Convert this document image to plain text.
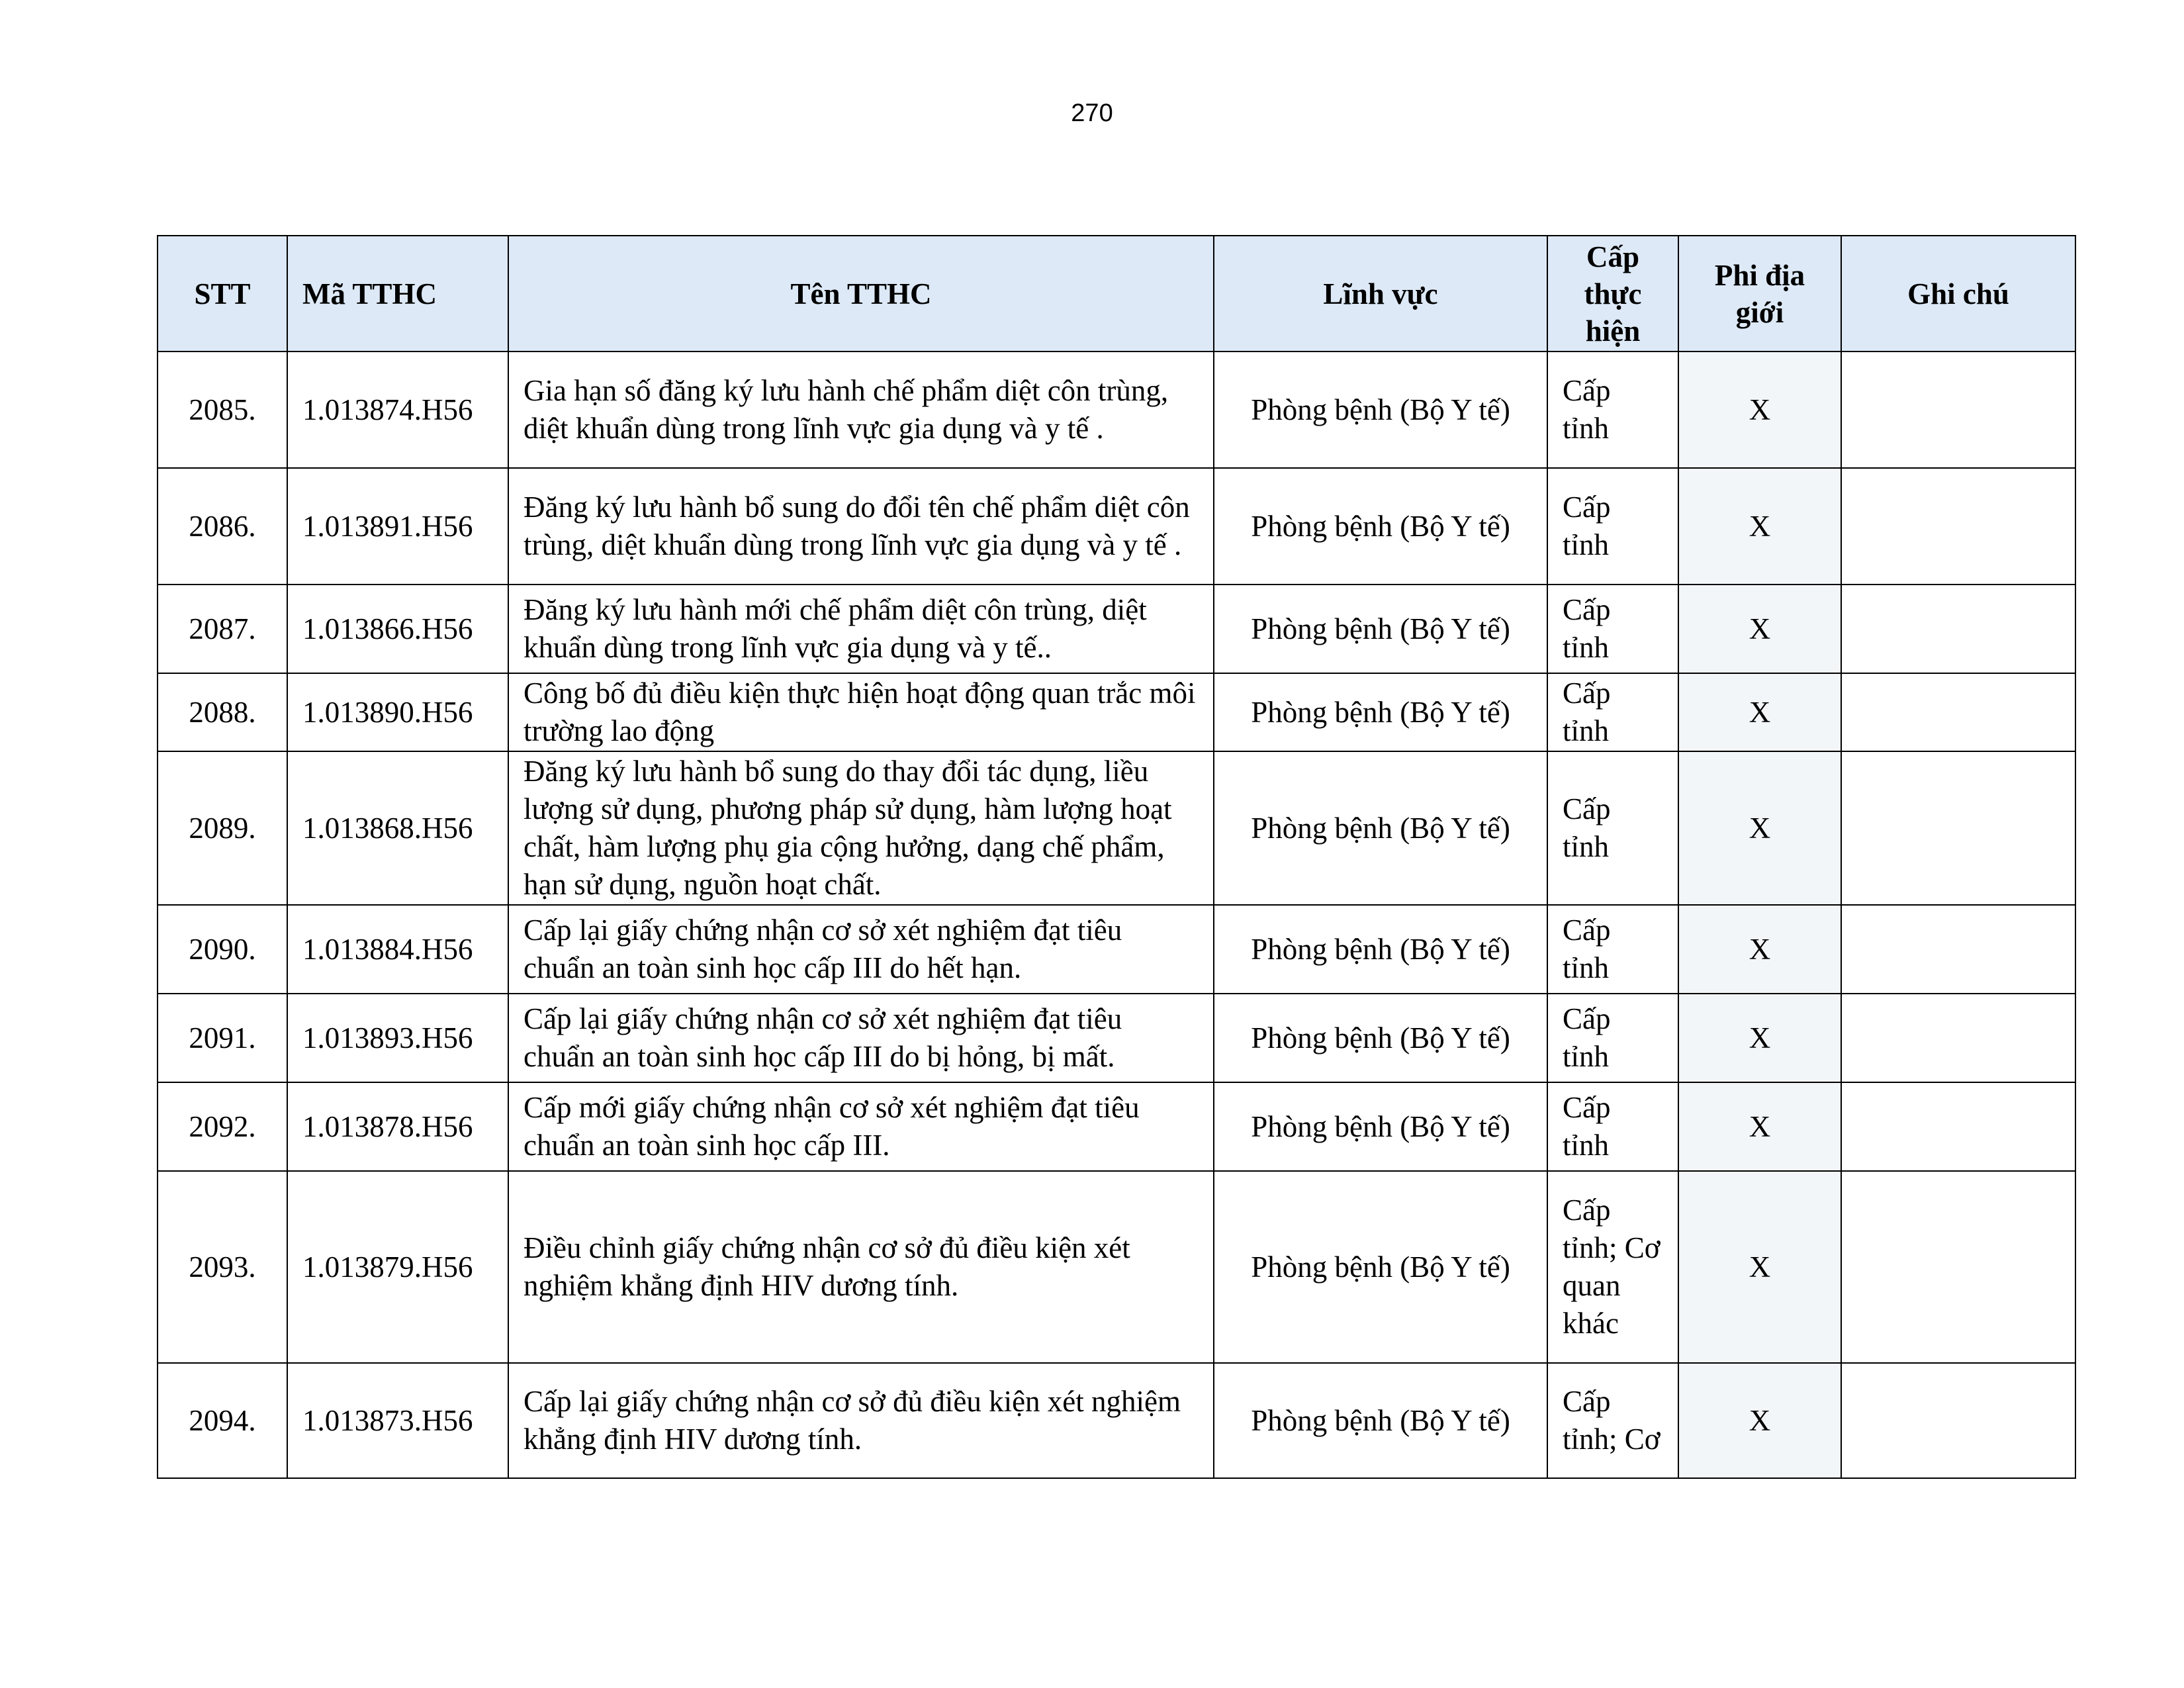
270
STT	Mã TTHC	Tên TTHC	Lĩnh vực	Cấp thực hiện	Phi địa giới	Ghi chú
2085.	1.013874.H56	Gia hạn số đăng ký lưu hành chế phẩm diệt côn trùng, diệt khuẩn dùng trong lĩnh vực gia dụng và y tế .	Phòng bệnh (Bộ Y tế)	Cấp tỉnh	X	
2086.	1.013891.H56	Đăng ký lưu hành bổ sung do đổi tên chế phẩm diệt côn trùng, diệt khuẩn dùng trong lĩnh vực gia dụng và y tế .	Phòng bệnh (Bộ Y tế)	Cấp tỉnh	X	
2087.	1.013866.H56	Đăng ký lưu hành mới chế phẩm diệt côn trùng, diệt khuẩn dùng trong lĩnh vực gia dụng và y tế..	Phòng bệnh (Bộ Y tế)	Cấp tỉnh	X	
2088.	1.013890.H56	Công bố đủ điều kiện thực hiện hoạt động quan trắc môi trường lao động	Phòng bệnh (Bộ Y tế)	Cấp tỉnh	X	
2089.	1.013868.H56	Đăng ký lưu hành bổ sung do thay đổi tác dụng, liều lượng sử dụng, phương pháp sử dụng, hàm lượng hoạt chất, hàm lượng phụ gia cộng hưởng, dạng chế phẩm, hạn sử dụng, nguồn hoạt chất.	Phòng bệnh (Bộ Y tế)	Cấp tỉnh	X	
2090.	1.013884.H56	Cấp lại giấy chứng nhận cơ sở xét nghiệm đạt tiêu chuẩn an toàn sinh học cấp III do hết hạn.	Phòng bệnh (Bộ Y tế)	Cấp tỉnh	X	
2091.	1.013893.H56	Cấp lại giấy chứng nhận cơ sở xét nghiệm đạt tiêu chuẩn an toàn sinh học cấp III do bị hỏng, bị mất.	Phòng bệnh (Bộ Y tế)	Cấp tỉnh	X	
2092.	1.013878.H56	Cấp mới giấy chứng nhận cơ sở xét nghiệm đạt tiêu chuẩn an toàn sinh học cấp III.	Phòng bệnh (Bộ Y tế)	Cấp tỉnh	X	
2093.	1.013879.H56	Điều chỉnh giấy chứng nhận cơ sở đủ điều kiện xét nghiệm khẳng định HIV dương tính.	Phòng bệnh (Bộ Y tế)	Cấp tỉnh; Cơ quan khác	X	
2094.	1.013873.H56	Cấp lại giấy chứng nhận cơ sở đủ điều kiện xét nghiệm khẳng định HIV dương tính.	Phòng bệnh (Bộ Y tế)	Cấp tỉnh; Cơ	X	
